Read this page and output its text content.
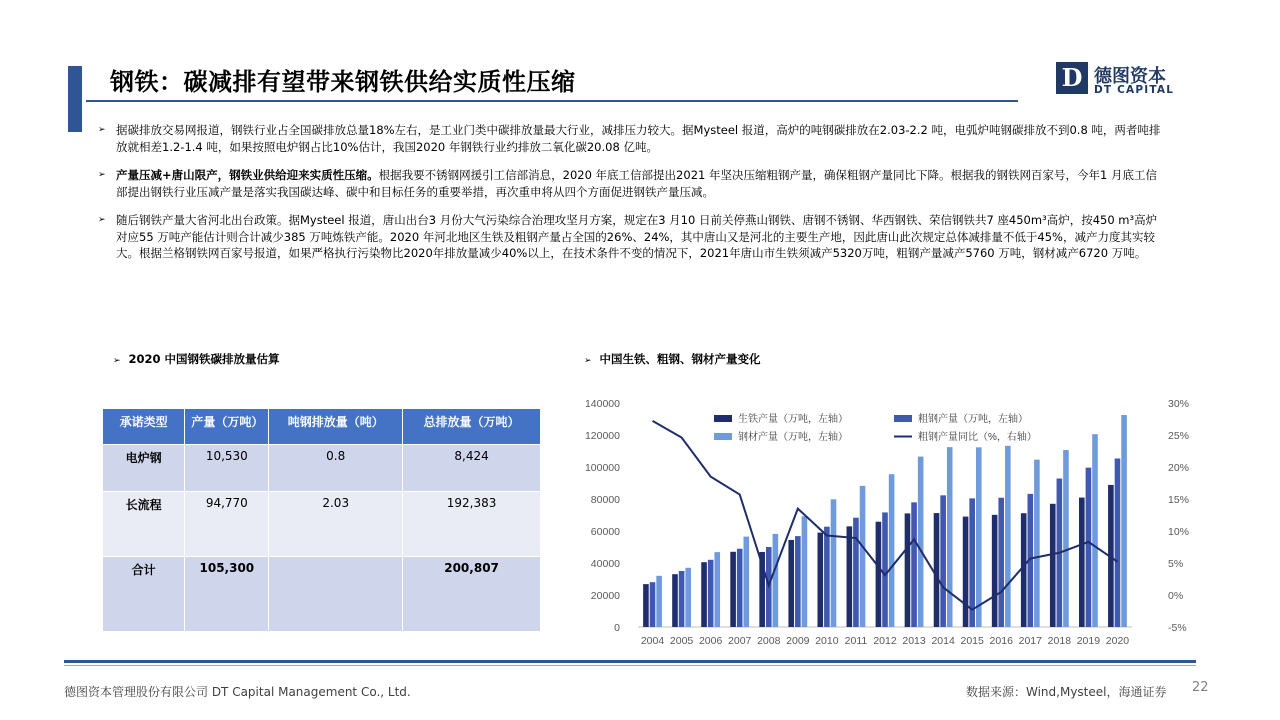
钢铁：碳减排有望带来钢铁供给实质性压缩	D 德图资本
DT CAPITAL
➢ 据碳排放交易网报道，钢铁行业占全国碳排放总量18%左右，是工业门类中碳排放量最大行业，减排压力较大。据Mysteel 报道，高炉的吨钢碳排放在2.03-2.2 吨，电弧炉吨钢碳排放不到0.8 吨，两者吨排放就相差1.2-1.4 吨，如果按照电炉钢占比10%估计，我国2020 年钢铁行业约排放二氧化碳20.08 亿吨。
➢ 产量压减+唐山限产，钢铁业供给迎来实质性压缩。根据我要不锈钢网援引工信部消息，2020 年底工信部提出2021 年坚决压缩粗钢产量，确保粗钢产量同比下降。根据我的钢铁网百家号，今年1 月底工信部提出钢铁行业压减产量是落实我国碳达峰、碳中和目标任务的重要举措，再次重申将从四个方面促进钢铁产量压减。
➢ 随后钢铁产量大省河北出台政策。据Mysteel 报道，唐山出台3 月份大气污染综合治理攻坚月方案，规定在3 月10 日前关停燕山钢铁、唐钢不锈钢、华西钢铁、荣信钢铁共7 座450m³高炉，按450 m³高炉对应55 万吨产能估计则合计减少385 万吨炼铁产能。2020 年河北地区生铁及粗钢产量占全国的26%、24%，其中唐山又是河北的主要生产地，因此唐山此次规定总体减排量不低于45%，减产力度其实较大。根据兰格钢铁网百家号报道，如果严格执行污染物比2020年排放量减少40%以上，在技术条件不变的情况下，2021年唐山市生铁须减产5320万吨，粗钢产量减产5760 万吨，钢材减产6720 万吨。
➢ 2020 中国钢铁碳排放量估算
承诺类型	产量（万吨）	吨钢排放量（吨）	总排放量（万吨）
电炉钢	10,530	0.8	8,424
长流程	94,770	2.03	192,383
合计	105,300		200,807
➢ 中国生铁、粗钢、钢材产量变化
0
20000
40000
60000
80000
100000
120000
140000
-5%
0%
5%
10%
15%
20%
25%
30%
2004 2005 2006 2007 2008 2009 2010 2011 2012 2013 2014 2015 2016 2017 2018 2019 2020
生铁产量（万吨，左轴）	粗钢产量（万吨，左轴）
钢材产量（万吨，左轴）	粗钢产量同比（%，右轴）
德图资本管理股份有限公司 DT Capital Management Co., Ltd.	数据来源：Wind,Mysteel，海通证券 22
